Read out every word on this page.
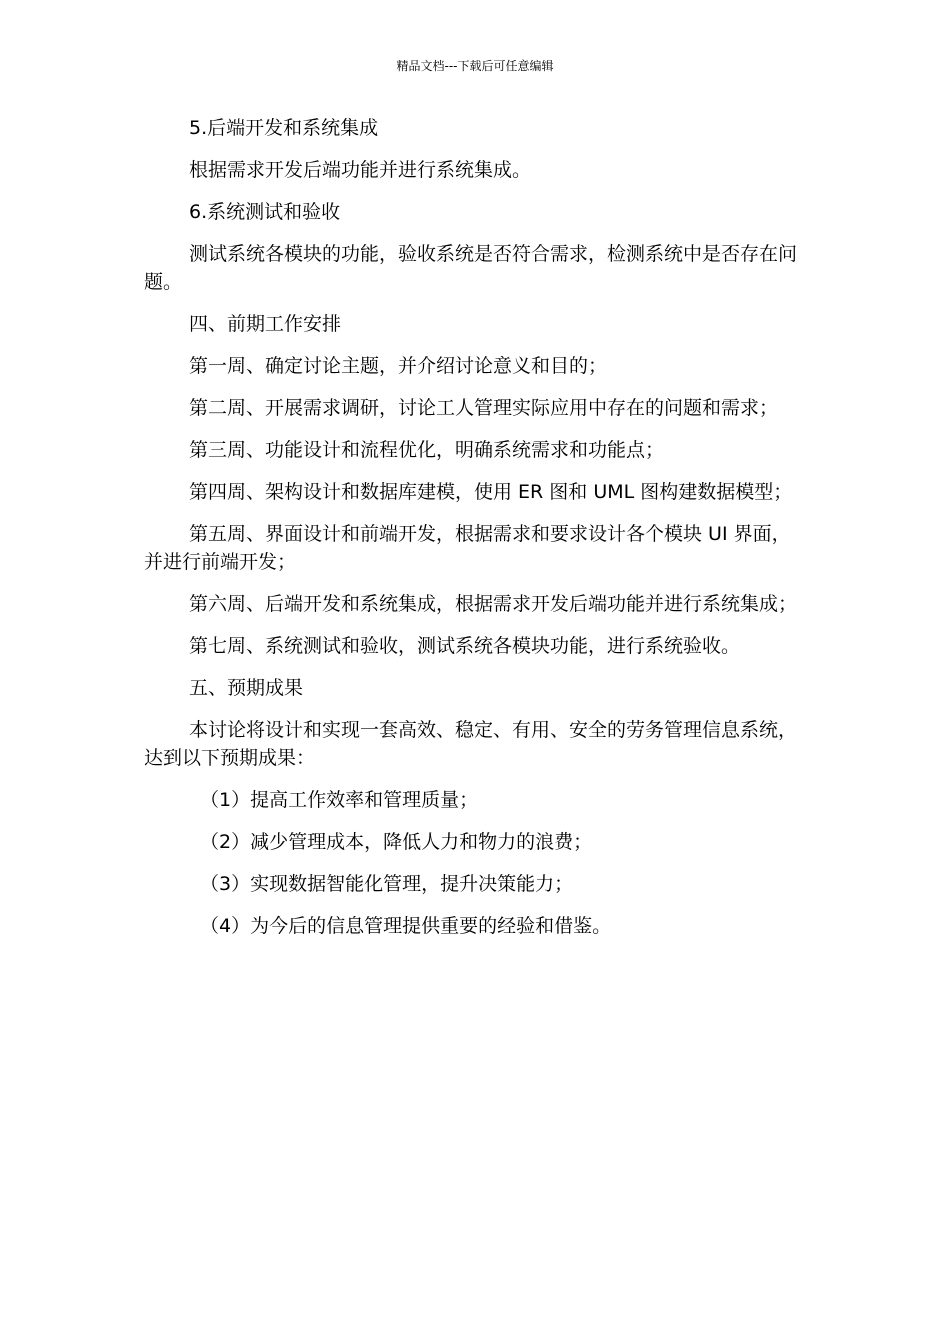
精品文档---下载后可任意编辑

5.后端开发和系统集成

根据需求开发后端功能并进行系统集成。

6.系统测试和验收

测试系统各模块的功能，验收系统是否符合需求，检测系统中是否存在问题。

四、前期工作安排

第一周、确定讨论主题，并介绍讨论意义和目的；

第二周、开展需求调研，讨论工人管理实际应用中存在的问题和需求；

第三周、功能设计和流程优化，明确系统需求和功能点；

第四周、架构设计和数据库建模，使用 ER 图和 UML 图构建数据模型；

第五周、界面设计和前端开发，根据需求和要求设计各个模块 UI 界面，并进行前端开发；

第六周、后端开发和系统集成，根据需求开发后端功能并进行系统集成；

第七周、系统测试和验收，测试系统各模块功能，进行系统验收。

五、预期成果

本讨论将设计和实现一套高效、稳定、有用、安全的劳务管理信息系统，达到以下预期成果：

（1）提高工作效率和管理质量；

（2）减少管理成本，降低人力和物力的浪费；

（3）实现数据智能化管理，提升决策能力；

（4）为今后的信息管理提供重要的经验和借鉴。
